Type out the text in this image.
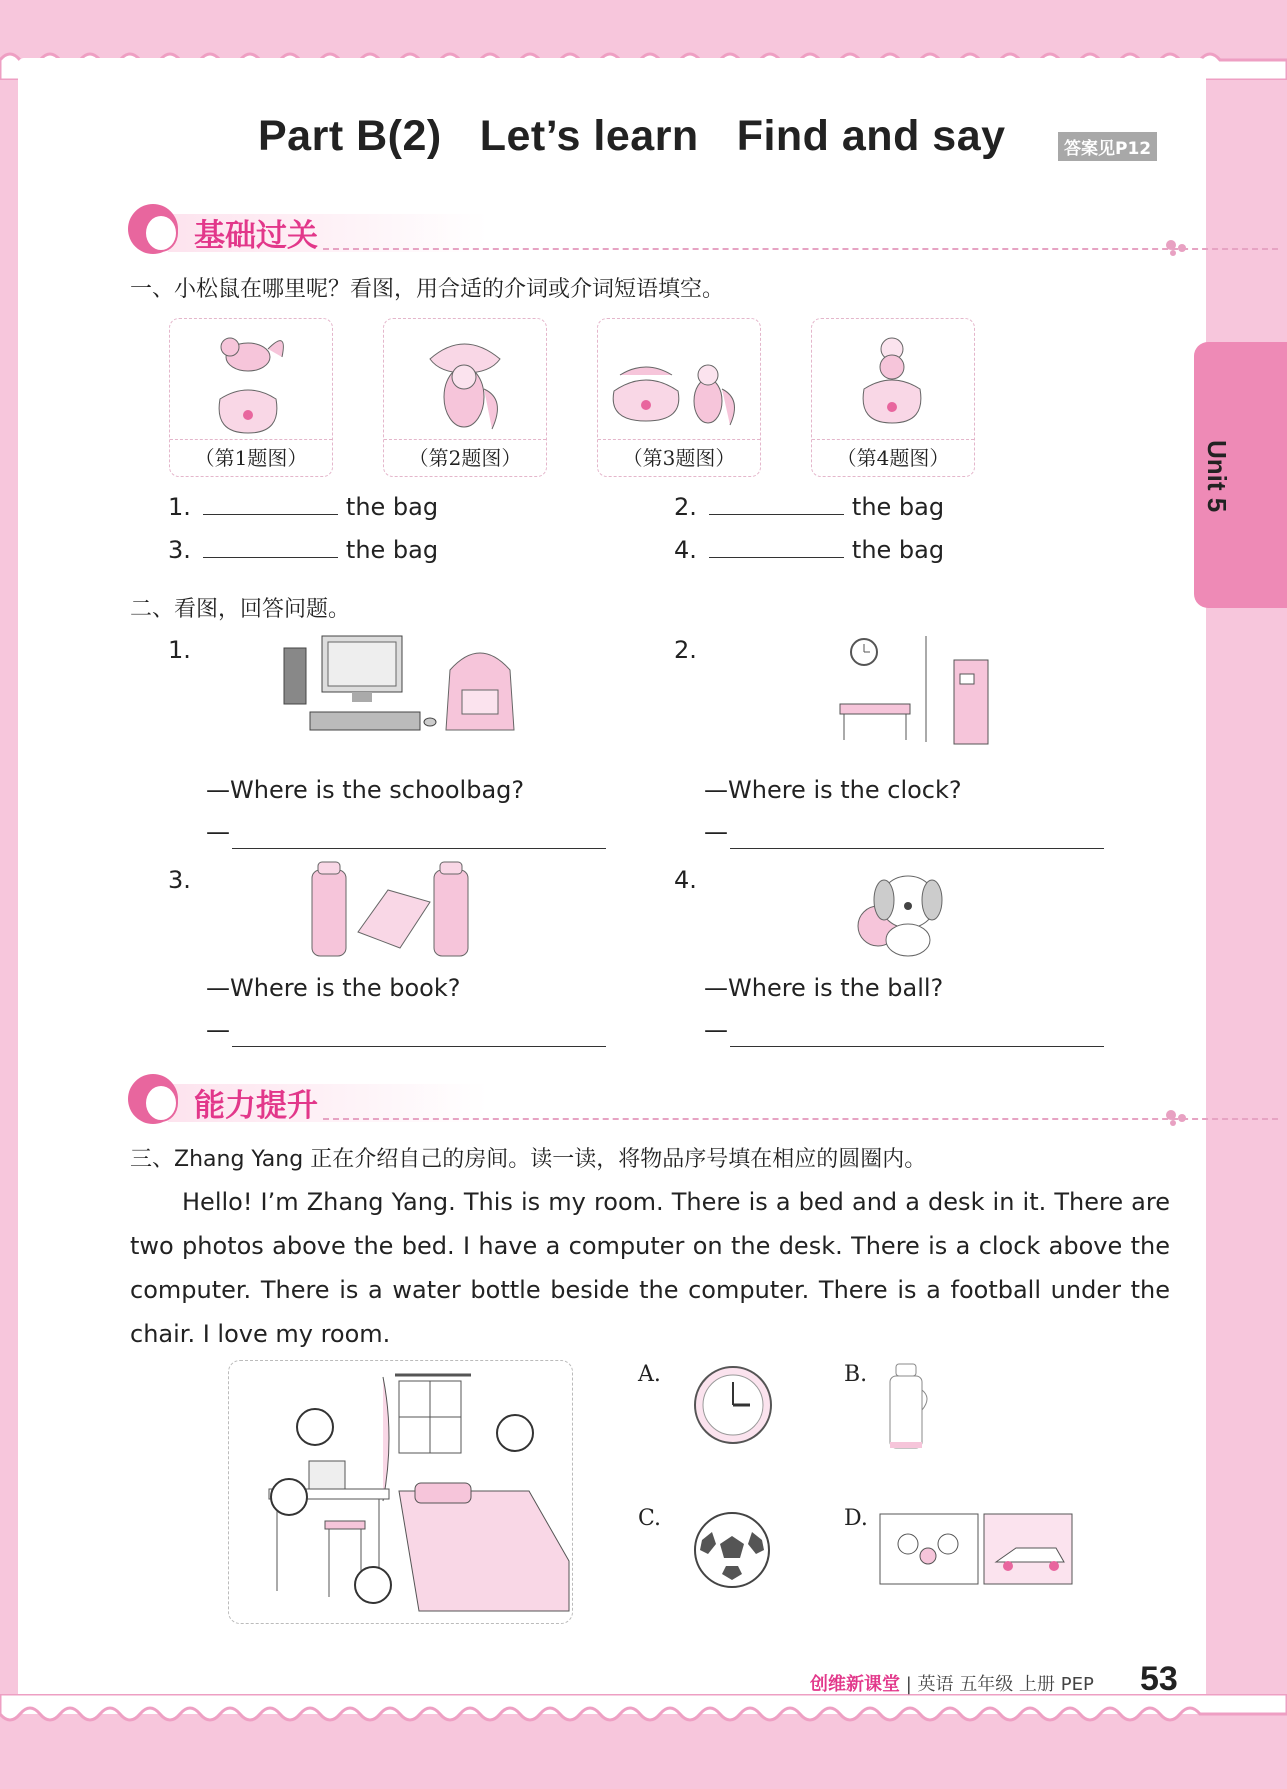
Unit 5
Part B(2) Let’s learn Find and say	答案见P12
基础过关
一、小松鼠在哪里呢？看图，用合适的介词或介词短语填空。
（第1题图）	（第2题图）	（第3题图）	（第4题图）
1.	the bag	2.	the bag
3.	the bag	4.	the bag
二、看图，回答问题。
1.
—Where is the schoolbag?
—
2.
—Where is the clock?
—
3.
—Where is the book?
—
4.
—Where is the ball?
—
能力提升
三、Zhang Yang 正在介绍自己的房间。读一读，将物品序号填在相应的圆圈内。

Hello! I’m Zhang Yang. This is my room. There is a bed and a desk in it. There are two photos above the bed. I have a computer on the desk. There is a clock above the computer. There is a water bottle beside the computer. There is a football under the chair. I love my room.

A.	B.
C.	D.
创维新课堂 | 英语 五年级 上册 PEP 53
